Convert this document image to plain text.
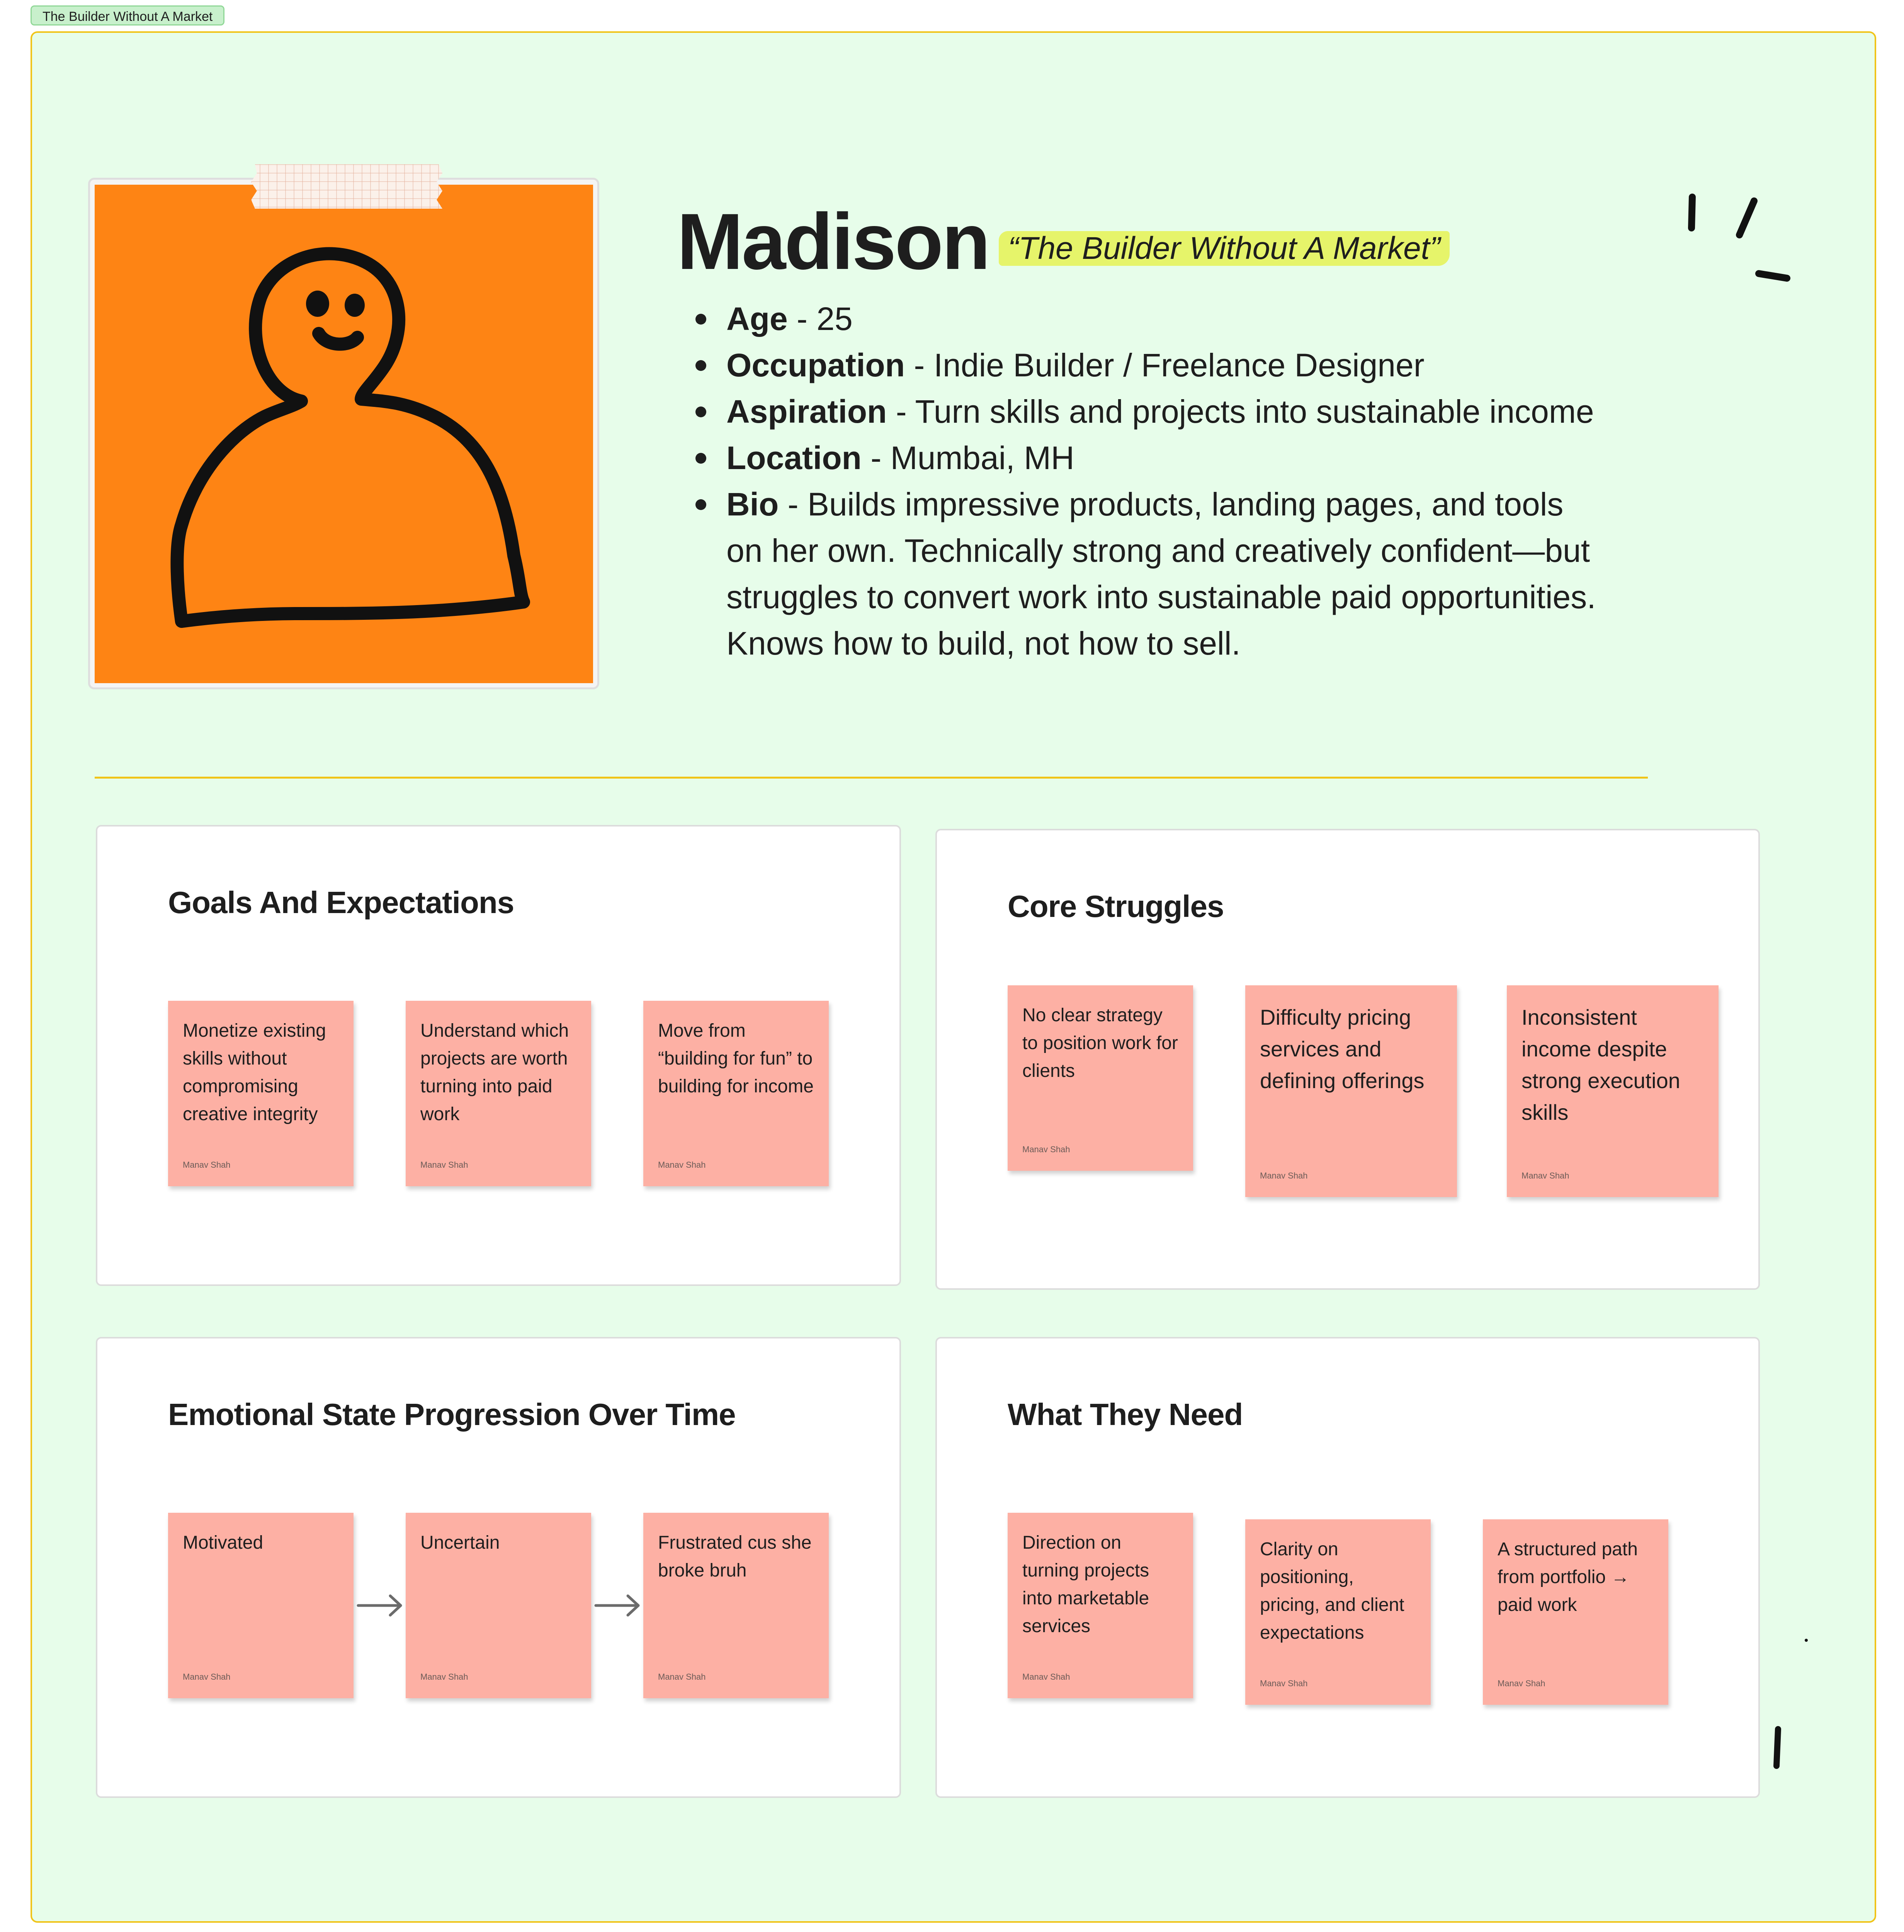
The Builder Without A Market
Madison “The Builder Without A Market”
Age - 25
Occupation - Indie Builder / Freelance Designer
Aspiration - Turn skills and projects into sustainable income
Location - Mumbai, MH
Bio - Builds impressive products, landing pages, and tools on her own. Technically strong and creatively confident—but struggles to convert work into sustainable paid opportunities. Knows how to build, not how to sell.
Goals And Expectations
Monetize existing skills without compromising creative integrity
Manav Shah
Understand which projects are worth turning into paid work
Manav Shah
Move from “building for fun” to building for income
Manav Shah
Core Struggles
No clear strategy to position work for clients
Manav Shah
Difficulty pricing services and defining offerings
Manav Shah
Inconsistent income despite strong execution skills
Manav Shah
Emotional State Progression Over Time
Motivated
Manav Shah
Uncertain
Manav Shah
Frustrated cus she broke bruh
Manav Shah
What They Need
Direction on turning projects into marketable services
Manav Shah
Clarity on positioning, pricing, and client expectations
Manav Shah
A structured path from portfolio → paid work
Manav Shah
